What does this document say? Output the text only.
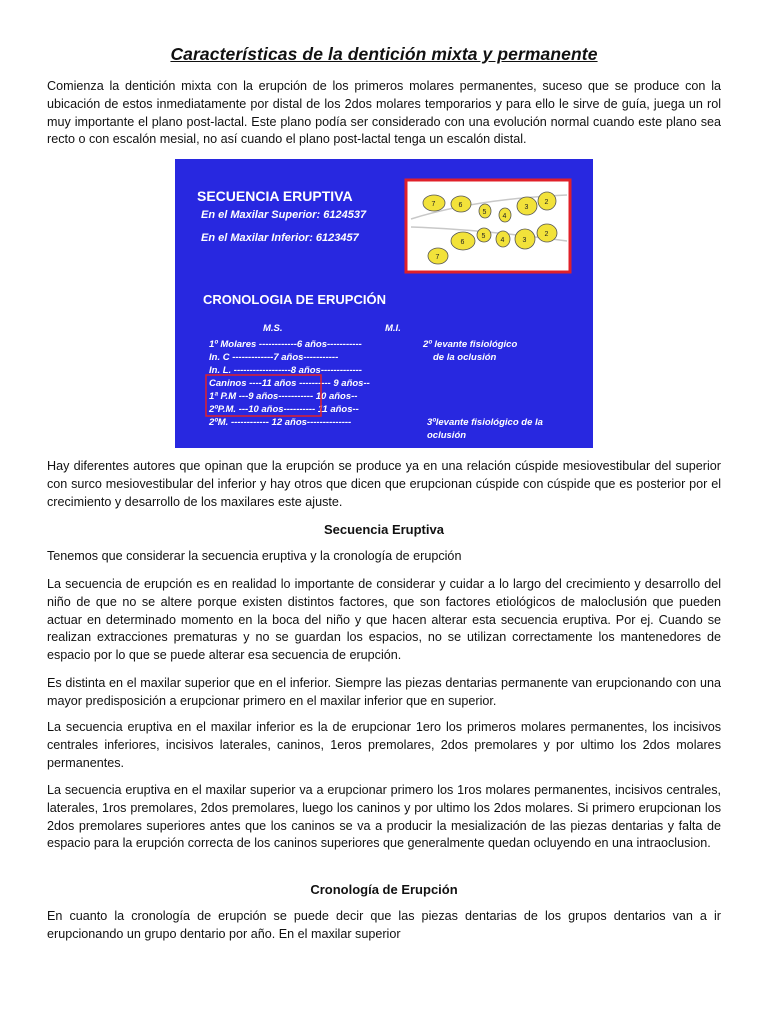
Características de la dentición mixta y permanente

Comienza la dentición mixta con la erupción de los primeros molares permanentes, suceso que se produce con la ubicación de estos inmediatamente por distal de los 2dos molares temporarios y para ello le sirve de guía, juega un rol muy importante el plano post-lactal. Este plano podía ser considerado con una evolución normal cuando este plano sea recto o con escalón mesial, no así cuando el plano post-lactal tenga un escalón distal.

SECUENCIA ERUPTIVA
En el Maxilar Superior: 6124537
En el Maxilar Inferior: 6123457
7	6
5
4
3
2
7
6
5
4	3
2
CRONOLOGIA DE ERUPCIÓN
M.S.	M.I.
1º Molares ------------6 años-----------
In. C -------------7 años-----------
In. L. ------------------8 años-------------
Caninos ----11 años ---------- 9 años--
1ª P.M ---9 años----------- 10 años--
2ºP.M. ---10 años---------- 11 años--
2ºM. ------------ 12 años--------------
2º levante fisiológico
de la oclusión
3ºlevante fisiológico de la
oclusión

Hay diferentes autores que opinan que la erupción se produce ya en una relación cúspide mesiovestibular del superior con surco mesiovestibular del inferior y hay otros que dicen que erupcionan cúspide con cúspide que es posterior por el crecimiento y desarrollo de los maxilares este ajuste.

Secuencia Eruptiva

Tenemos que considerar la secuencia eruptiva y la cronología de erupción

La secuencia de erupción es en realidad lo importante de considerar y cuidar a lo largo del crecimiento y desarrollo del niño de que no se altere porque existen distintos factores, que son factores etiológicos de maloclusión que pueden actuar en determinado momento en la boca del niño y que hacen alterar esta secuencia eruptiva. Por ej. Cuando se realizan extracciones prematuras y no se guardan los espacios, no se utilizan correctamente los mantenedores de espacio por lo que se puede alterar esa secuencia de erupción.

Es distinta en el maxilar superior que en el inferior. Siempre las piezas dentarias permanente van erupcionando con una mayor predisposición a erupcionar primero en el maxilar inferior que en superior.

La secuencia eruptiva en el maxilar inferior es la de erupcionar 1ero los primeros molares permanentes, los incisivos centrales inferiores, incisivos laterales, caninos, 1eros premolares, 2dos premolares y por ultimo los 2dos molares permanentes.

La secuencia eruptiva en el maxilar superior va a erupcionar primero los 1ros molares permanentes, incisivos centrales, laterales, 1ros premolares, 2dos premolares, luego los caninos y por ultimo los 2dos molares. Si primero erupcionan los 2dos premolares superiores antes que los caninos se va a producir la mesialización de las piezas dentarias y falta de espacio para la erupción correcta de los caninos superiores que generalmente quedan ocluyendo en una intraoclusion.

Cronología de Erupción

En cuanto la cronología de erupción se puede decir que las piezas dentarias de los grupos dentarios van a ir erupcionando un grupo dentario por año. En el maxilar superior
